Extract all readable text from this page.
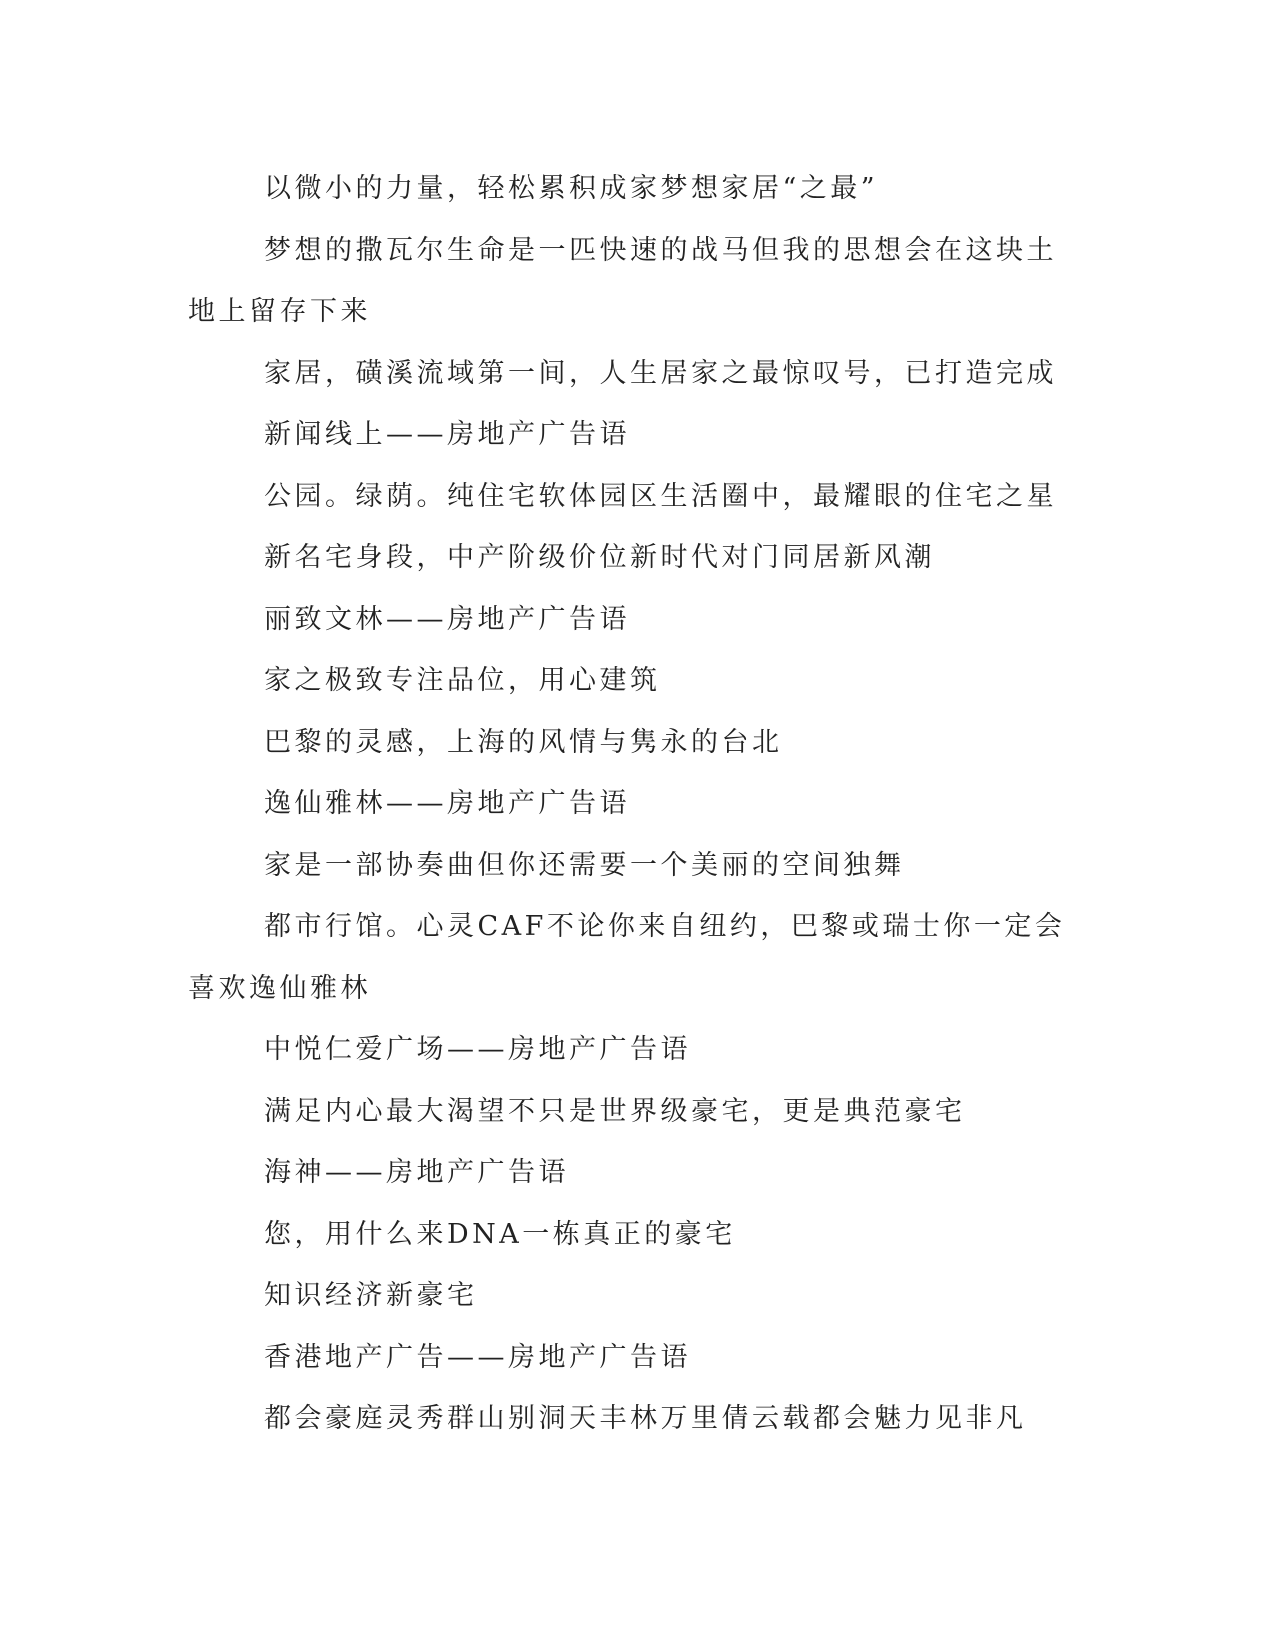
以微小的力量，轻松累积成家梦想家居“之最”

梦想的撒瓦尔生命是一匹快速的战马但我的思想会在这块土地上留存下来

家居，磺溪流域第一间，人生居家之最惊叹号，已打造完成

新闻线上——房地产广告语

公园。绿荫。纯住宅软体园区生活圈中，最耀眼的住宅之星

新名宅身段，中产阶级价位新时代对门同居新风潮

丽致文林——房地产广告语

家之极致专注品位，用心建筑

巴黎的灵感，上海的风情与隽永的台北

逸仙雅林——房地产广告语

家是一部协奏曲但你还需要一个美丽的空间独舞

都市行馆。心灵CAF不论你来自纽约，巴黎或瑞士你一定会喜欢逸仙雅林

中悦仁爱广场——房地产广告语

满足内心最大渴望不只是世界级豪宅，更是典范豪宅

海神——房地产广告语

您，用什么来DNA一栋真正的豪宅

知识经济新豪宅

香港地产广告——房地产广告语

都会豪庭灵秀群山别洞天丰林万里倩云载都会魅力见非凡
